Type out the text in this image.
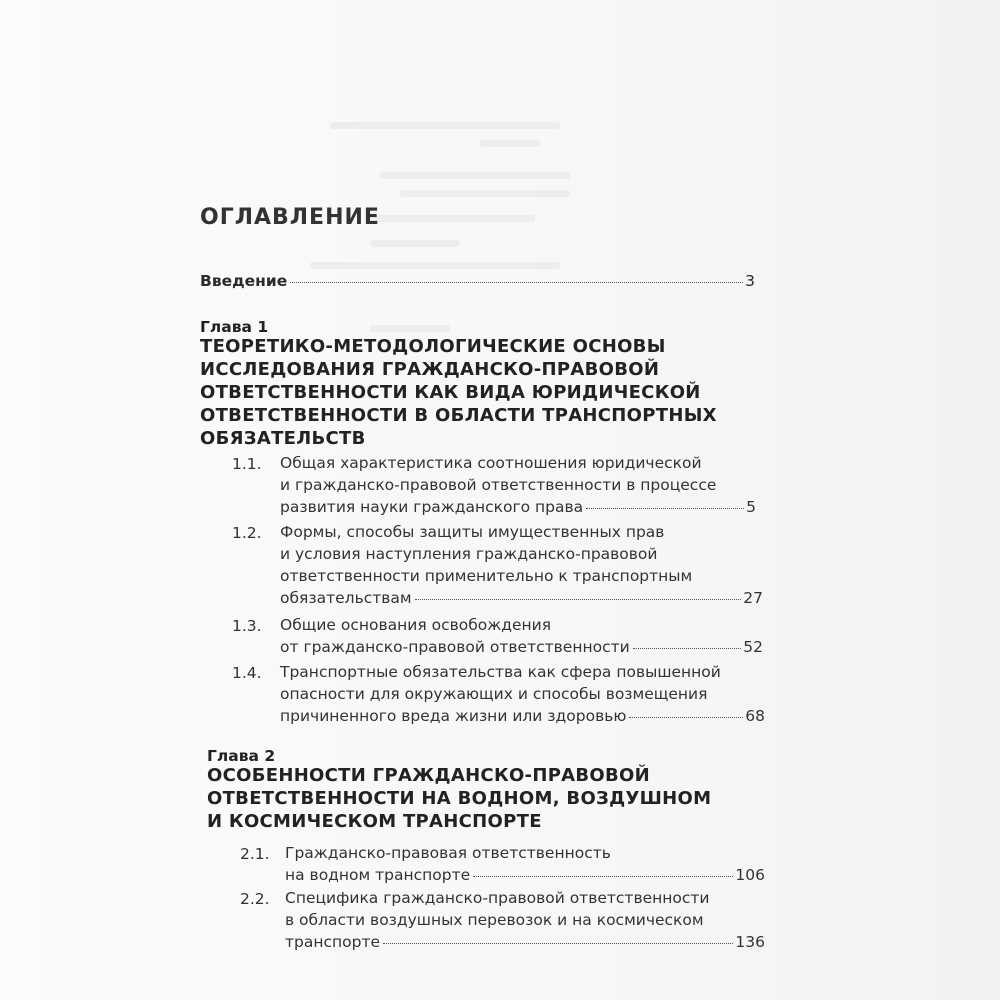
ОГЛАВЛЕНИЕ
Введение	3
Глава 1
ТЕОРЕТИКО-МЕТОДОЛОГИЧЕСКИЕ ОСНОВЫ
ИССЛЕДОВАНИЯ ГРАЖДАНСКО-ПРАВОВОЙ
ОТВЕТСТВЕННОСТИ КАК ВИДА ЮРИДИЧЕСКОЙ
ОТВЕТСТВЕННОСТИ В ОБЛАСТИ ТРАНСПОРТНЫХ
ОБЯЗАТЕЛЬСТВ
1.1. Общая характеристика соотношения юридической
и гражданско-правовой ответственности в процессе
развития науки гражданского права	5
1.2. Формы, способы защиты имущественных прав
и условия наступления гражданско-правовой
ответственности применительно к транспортным
обязательствам	27
1.3. Общие основания освобождения
от гражданско-правовой ответственности	52
1.4. Транспортные обязательства как сфера повышенной
опасности для окружающих и способы возмещения
причиненного вреда жизни или здоровью	68
Глава 2
ОСОБЕННОСТИ ГРАЖДАНСКО-ПРАВОВОЙ
ОТВЕТСТВЕННОСТИ НА ВОДНОМ, ВОЗДУШНОМ
И КОСМИЧЕСКОМ ТРАНСПОРТЕ
2.1. Гражданско-правовая ответственность
на водном транспорте	106
2.2. Специфика гражданско-правовой ответственности
в области воздушных перевозок и на космическом
транспорте	136
